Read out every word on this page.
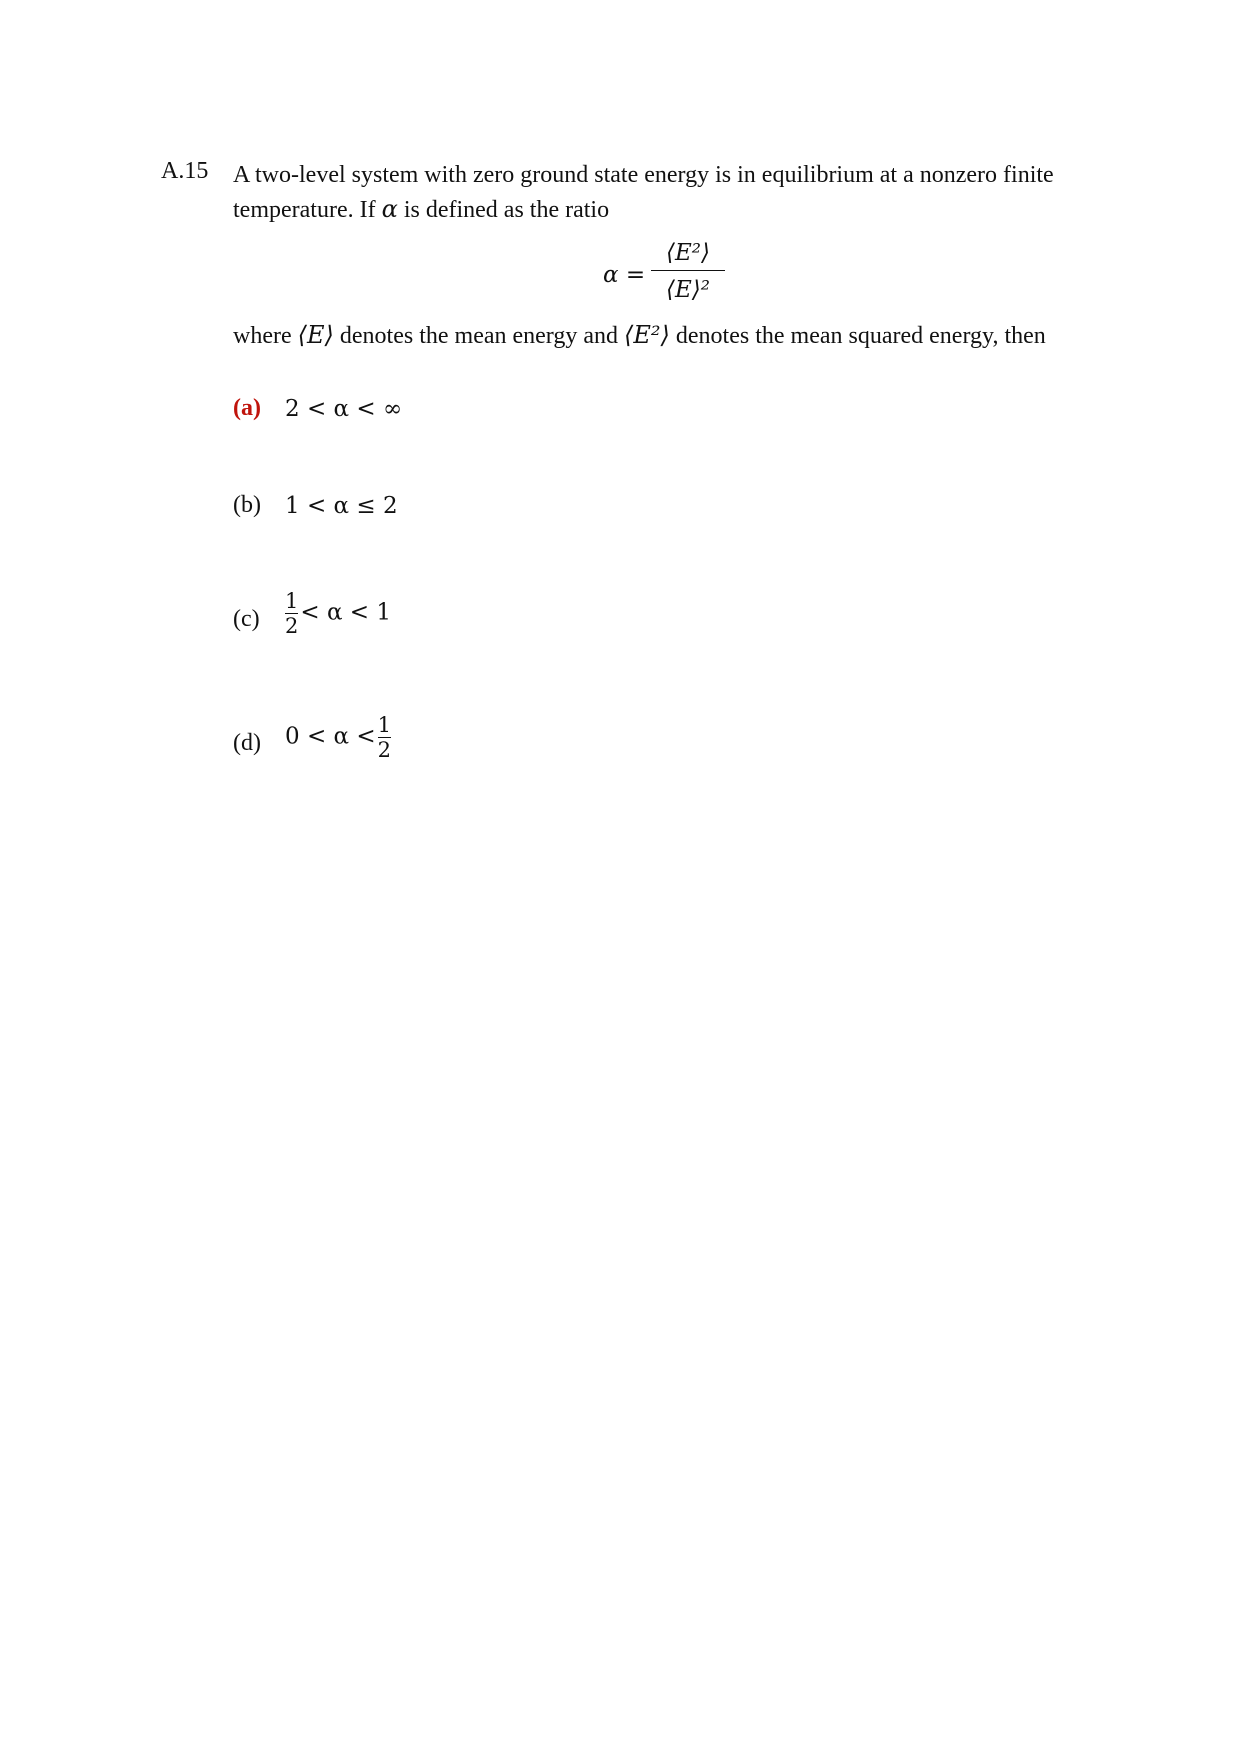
A.15 A two-level system with zero ground state energy is in equilibrium at a nonzero finite temperature. If α is defined as the ratio
α =
⟨E²⟩
⟨E⟩²
where ⟨E⟩ denotes the mean energy and ⟨E²⟩ denotes the mean squared energy, then
(a) 2 < α < ∞
(b) 1 < α ≤ 2
$(c) \frac{1}{2} < \alpha < 1$
(d) $0 < \alpha < \frac{1}{2}$
